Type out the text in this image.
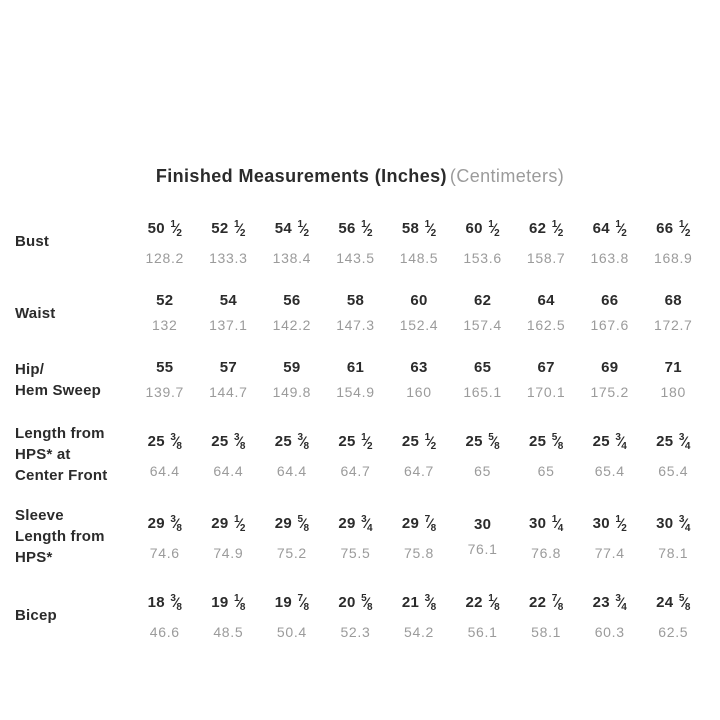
Finished Measurements (Inches) (Centimeters)
Bust
50 $^1⁄_2$
128.2
52 $^1⁄_2$
133.3
54 $^1⁄_2$
138.4
56 $^1⁄_2$
143.5
58 $^1⁄_2$
148.5
60 $^1⁄_2$
153.6
62 $^1⁄_2$
158.7
64 $^1⁄_2$
163.8
66 $^1⁄_2$
168.9
Waist
52
132
54
137.1
56
142.2
58
147.3
60
152.4
62
157.4
64
162.5
66
167.6
68
172.7
Hip/
Hem Sweep
55
139.7
57
144.7
59
149.8
61
154.9
63
160
65
165.1
67
170.1
69
175.2
71
180
Length from
HPS* at
Center Front
25 $^3⁄_8$
64.4
25 $^3⁄_8$
64.4
25 $^3⁄_8$
64.4
25 $^1⁄_2$
64.7
25 $^1⁄_2$
64.7
25 $^5⁄_8$
65
25 $^5⁄_8$
65
25 $^3⁄_4$
65.4
25 $^3⁄_4$
65.4
Sleeve
Length from
HPS*
29 $^3⁄_8$
74.6
29 $^1⁄_2$
74.9
29 $^5⁄_8$
75.2
29 $^3⁄_4$
75.5
29 $^7⁄_8$
75.8
30
76.1
30 $^1⁄_4$
76.8
30 $^1⁄_2$
77.4
30 $^3⁄_4$
78.1
Bicep
18 $^3⁄_8$
46.6
19 $^1⁄_8$
48.5
19 $^7⁄_8$
50.4
20 $^5⁄_8$
52.3
21 $^3⁄_8$
54.2
22 $^1⁄_8$
56.1
22 $^7⁄_8$
58.1
23 $^3⁄_4$
60.3
24 $^5⁄_8$
62.5
